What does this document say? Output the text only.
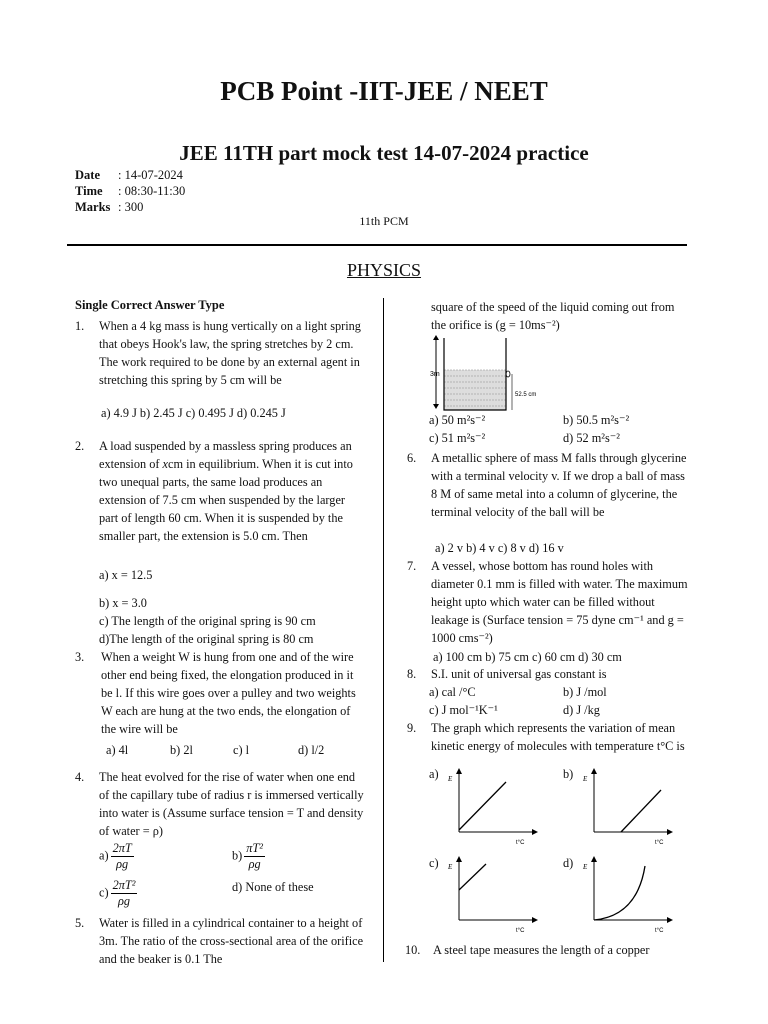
PCB Point -IIT-JEE / NEET
JEE 11TH part mock test 14-07-2024 practice
Date : 14-07-2024
Time : 08:30-11:30
Marks : 300
11th PCM
PHYSICS
Single Correct Answer Type
1. When a 4 kg mass is hung vertically on a light spring that obeys Hook's law, the spring stretches by 2 cm. The work required to be done by an external agent in stretching this spring by 5 cm will be
a) 4.9 J b) 2.45 J c) 0.495 J d) 0.245 J
2. A load suspended by a massless spring produces an extension of xcm in equilibrium. When it is cut into two unequal parts, the same load produces an extension of 7.5 cm when suspended by the larger part of length 60 cm. When it is suspended by the smaller part, the extension is 5.0 cm. Then
a) x = 12.5
b) x = 3.0
c) The length of the original spring is 90 cm
d)The length of the original spring is 80 cm
3. When a weight W is hung from one and of the wire other end being fixed, the elongation produced in it be l. If this wire goes over a pulley and two weights W each are hung at the two ends, the elongation of the wire will be
a) 4l	b) 2l	c) l	d) l/2
4. The heat evolved for the rise of water when one end of the capillary tube of radius r is immersed vertically into water is (Assume surface tension = T and density of water = ρ)
$a) \frac{2\pi T}{\rho g}$	$b) \frac{\text{πT²}}{\rho g}$
$c) \frac{\text{2πT²}}{\rho g}$	d) None of these
5. Water is filled in a cylindrical container to a height of 3m. The ratio of the cross-sectional area of the orifice and the beaker is 0.1 The
square of the speed of the liquid coming out from the orifice is (g = 10ms⁻²)
3m
52.5 cm
a) 50 m²s⁻²	b) 50.5 m²s⁻²
c) 51 m²s⁻²	d) 52 m²s⁻²
6. A metallic sphere of mass M falls through glycerine with a terminal velocity v. If we drop a ball of mass 8 M of same metal into a column of glycerine, the terminal velocity of the ball will be
a) 2 v b) 4 v c) 8 v d) 16 v
7. A vessel, whose bottom has round holes with diameter 0.1 mm is filled with water. The maximum height upto which water can be filled without leakage is (Surface tension = 75 dyne cm⁻¹ and g = 1000 cms⁻²)
a) 100 cm b) 75 cm c) 60 cm d) 30 cm
8. S.I. unit of universal gas constant is
a) cal /°C	b) J /mol
c) J mol⁻¹K⁻¹	d) J /kg
9. The graph which represents the variation of mean kinetic energy of molecules with temperature t°C is
a) E
t°C
b) E
t°C
c) E
t°C
d) E
t°C
10. A steel tape measures the length of a copper
